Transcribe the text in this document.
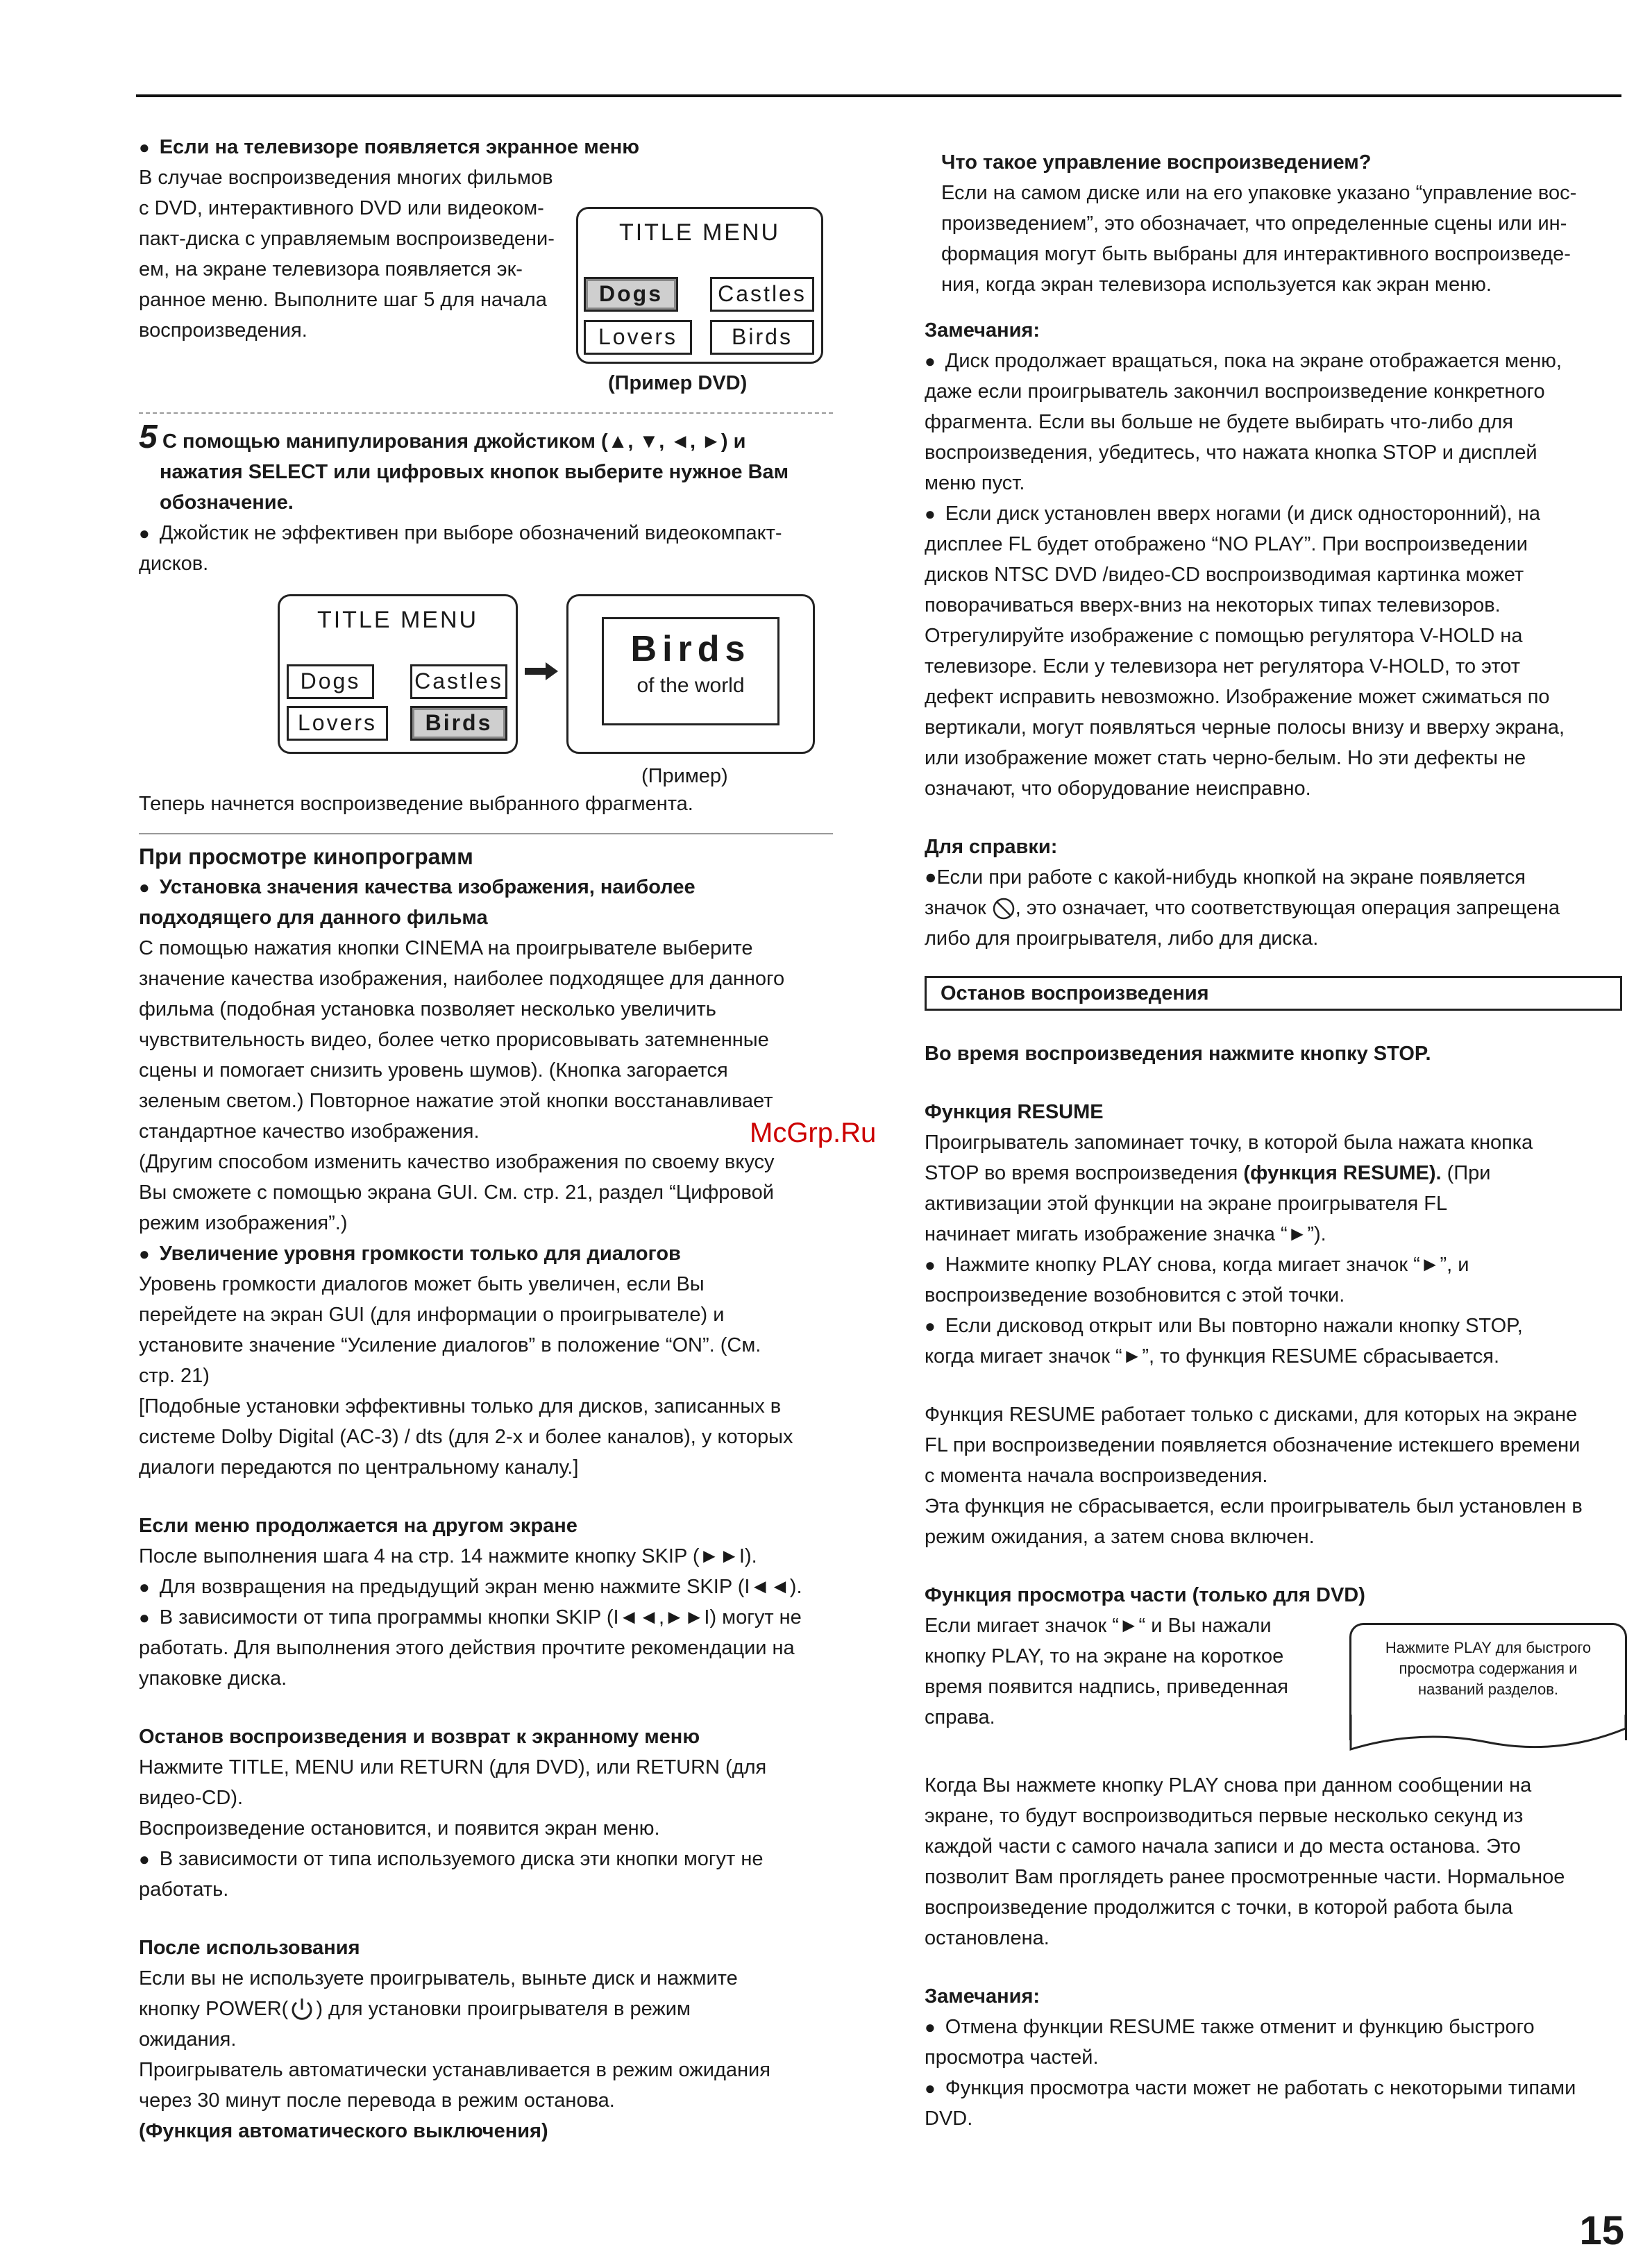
● Если на телевизоре появляется экранное меню

В случае воспроизведения многих фильмов

с DVD, интерактивного DVD или видеоком-

пакт-диска с управляемым воспроизведени-

ем, на экране телевизора появляется эк-

ранное меню. Выполните шаг 5 для начала

воспроизведения.

TITLE MENU
Dogs	Castles
Lovers	Birds
(Пример DVD)
5 С помощью манипулирования джойстиком (▲, ▼, ◄, ►) и

нажатия SELECT или цифровых кнопок выберите нужное Вам

обозначение.

● Джойстик не эффективен при выборе обозначений видеокомпакт-

дисков.

TITLE MENU
Dogs	Castles
Lovers	Birds
Birds
of the world
(Пример)

Теперь начнется воспроизведение выбранного фрагмента.

При просмотре кинопрограмм

● Установка значения качества изображения, наиболее

подходящего для данного фильма

С помощью нажатия кнопки CINEMA на проигрывателе выберите

значение качества изображения, наиболее подходящее для данного

фильма (подобная установка позволяет несколько увеличить

чувствительность видео, более четко прорисовывать затемненные

сцены и помогает снизить уровень шумов). (Кнопка загорается

зеленым светом.) Повторное нажатие этой кнопки восстанавливает

стандартное качество изображения.

(Другим способом изменить качество изображения по своему вкусу

Вы сможете с помощью экрана GUI. См. стр. 21, раздел “Цифровой

режим изображения”.)

● Увеличение уровня громкости только для диалогов

Уровень громкости диалогов может быть увеличен, если Вы

перейдете на экран GUI (для информации о проигрывателе) и

установите значение “Усиление диалогов” в положение “ON”. (См.

стр. 21)

[Подобные установки эффективны только для дисков, записанных в

системе Dolby Digital (AC-3) / dts (для 2-х и более каналов), у которых

диалоги передаются по центральному каналу.]

Если меню продолжается на другом экране

После выполнения шага 4 на стр. 14 нажмите кнопку SKIP (►►I).

● Для возвращения на предыдущий экран меню нажмите SKIP (I◄◄).

● В зависимости от типа программы кнопки SKIP (I◄◄,►►I) могут не

работать. Для выполнения этого действия прочтите рекомендации на

упаковке диска.

Останов воспроизведения и возврат к экранному меню

Нажмите TITLE, MENU или RETURN (для DVD), или RETURN (для

видео-CD).

Воспроизведение остановится, и появится экран меню.

● В зависимости от типа используемого диска эти кнопки могут не

работать.

После использования

Если вы не используете проигрыватель, выньте диск и нажмите

кнопку POWER( ) для установки проигрывателя в режим

ожидания.

Проигрыватель автоматически устанавливается в режим ожидания

через 30 минут после перевода в режим останова.

(Функция автоматического выключения)

Что такое управление воспроизведением?

Если на самом диске или на его упаковке указано “управление вос-

произведением”, это обозначает, что определенные сцены или ин-

формация могут быть выбраны для интерактивного воспроизведе-

ния, когда экран телевизора используется как экран меню.

Замечания:

● Диск продолжает вращаться, пока на экране отображается меню,

даже если проигрыватель закончил воспроизведение конкретного

фрагмента. Если вы больше не будете выбирать что-либо для

воспроизведения, убедитесь, что нажата кнопка STOP и дисплей

меню пуст.

● Если диск установлен вверх ногами (и диск односторонний), на

дисплее FL будет отображено “NO PLAY”. При воспроизведении

дисков NTSC DVD /видео-CD воспроизводимая картинка может

поворачиваться вверх-вниз на некоторых типах телевизоров.

Отрегулируйте изображение с помощью регулятора V-HOLD на

телевизоре. Если у телевизора нет регулятора V-HOLD, то этот

дефект исправить невозможно. Изображение может сжиматься по

вертикали, могут появляться черные полосы внизу и вверху экрана,

или изображение может стать черно-белым. Но эти дефекты не

означают, что оборудование неисправно.

Для справки:

●Если при работе с какой-нибудь кнопкой на экране появляется

значок , это означает, что соответствующая операция запрещена

либо для проигрывателя, либо для диска.

Останов воспроизведения

Во время воспроизведения нажмите кнопку STOP.

Функция RESUME

Проигрыватель запоминает точку, в которой была нажата кнопка

STOP во время воспроизведения (функция RESUME). (При

активизации этой функции на экране проигрывателя FL

начинает мигать изображение значка “►”).

● Нажмите кнопку PLAY снова, когда мигает значок “►”, и

воспроизведение возобновится с этой точки.

● Если дисковод открыт или Вы повторно нажали кнопку STOP,

когда мигает значок “►”, то функция RESUME сбрасывается.

Функция RESUME работает только с дисками, для которых на экране

FL при воспроизведении появляется обозначение истекшего времени

с момента начала воспроизведения.

Эта функция не сбрасывается, если проигрыватель был установлен в

режим ожидания, а затем снова включен.

Функция просмотра части (только для DVD)

Если мигает значок “►“ и Вы нажали

кнопку PLAY, то на экране на короткое

время появится надпись, приведенная

справа.

Нажмите PLAY для быстрого
просмотра содержания и
названий разделов.

Когда Вы нажмете кнопку PLAY снова при данном сообщении на

экране, то будут воспроизводиться первые несколько секунд из

каждой части с самого начала записи и до места останова. Это

позволит Вам проглядеть ранее просмотренные части. Нормальное

воспроизведение продолжится с точки, в которой работа была

остановлена.

Замечания:

● Отмена функции RESUME также отменит и функцию быстрого

просмотра частей.

● Функция просмотра части может не работать с некоторыми типами

DVD.

McGrp.Ru
15
